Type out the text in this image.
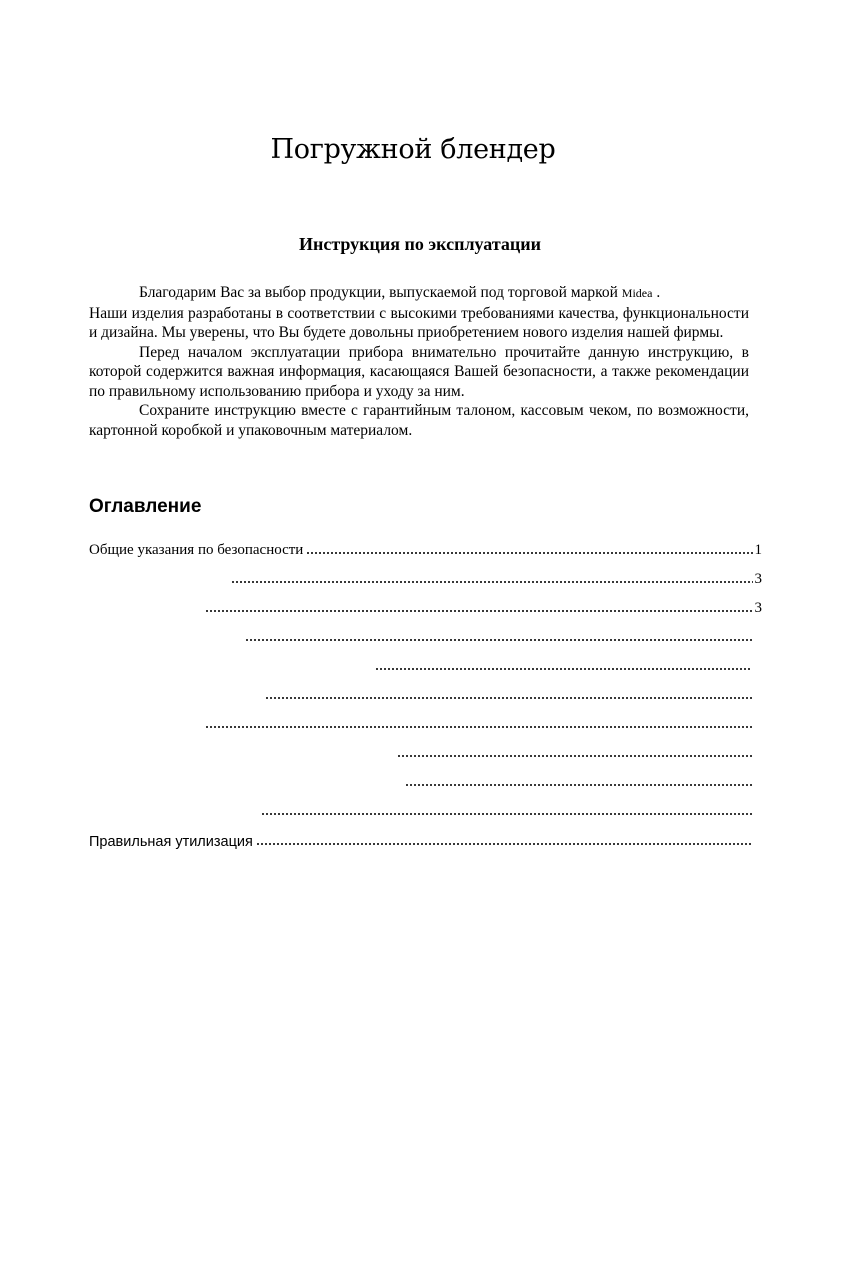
Погружной блендер
Инструкция по эксплуатации

Благодарим Вас за выбор продукции, выпускаемой под торговой маркой Midea .

Наши изделия разработаны в соответствии с высокими требованиями качества, функциональности и дизайна. Мы уверены, что Вы будете довольны приобретением нового изделия нашей фирмы.

Перед началом эксплуатации прибора внимательно прочитайте данную инструкцию, в которой содержится важная информация, касающаяся Вашей безопасности, а также рекомендации по правильному использованию прибора и уходу за ним.

Сохраните инструкцию вместе с гарантийным талоном, кассовым чеком, по возможности, картонной коробкой и упаковочным материалом.

Оглавление
Общие указания по безопасности	1
3
3
Правильная утилизация
